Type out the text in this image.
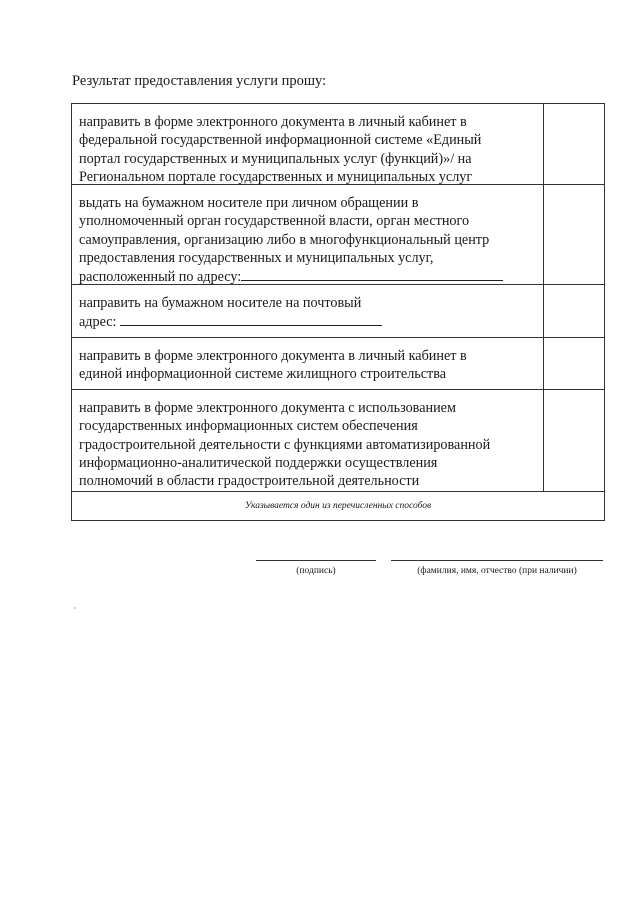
Результат предоставления услуги прошу:
направить в форме электронного документа в личный кабинет в
федеральной государственной информационной системе «Единый
портал государственных и муниципальных услуг (функций)»/ на
Региональном портале государственных и муниципальных услуг	

выдать на бумажном носителе при личном обращении в
уполномоченный орган государственной власти, орган местного
самоуправления, организацию либо в многофункциональный центр
предоставления государственных и муниципальных услуг,
расположенный по адресу:	

направить на бумажном носителе на почтовый
адрес:	

направить в форме электронного документа в личный кабинет в
единой информационной системе жилищного строительства	

направить в форме электронного документа с использованием
государственных информационных систем обеспечения
градостроительной деятельности с функциями автоматизированной
информационно-аналитической поддержки осуществления
полномочий в области градостроительной деятельности	

Указывается один из перечисленных способов	
(подпись)	(фамилия, имя, отчество (при наличии)
